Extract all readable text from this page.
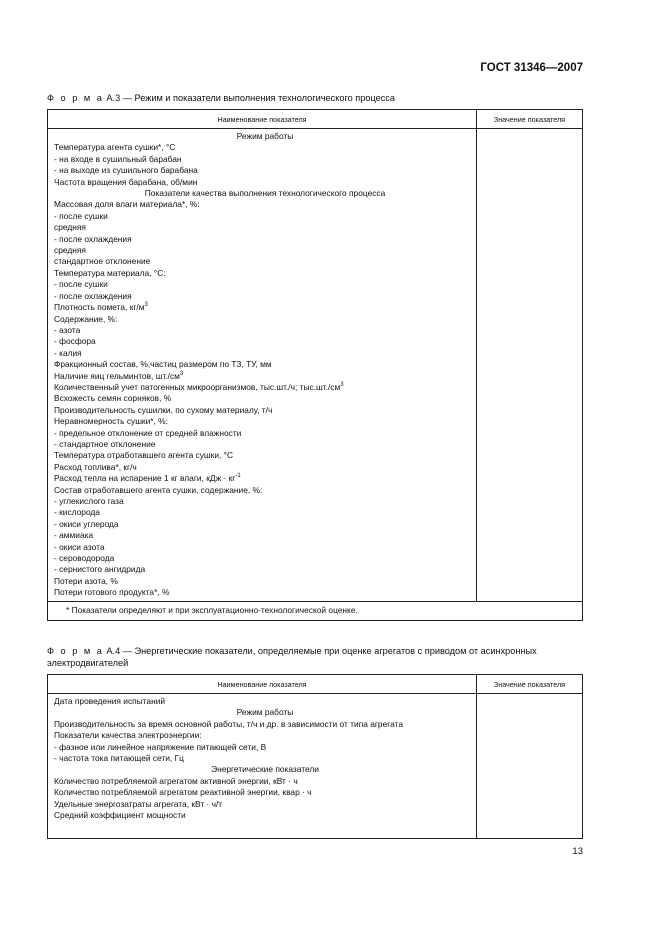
ГОСТ 31346—2007
Ф о р м а А.3 — Режим и показатели выполнения технологического процесса
Наименование показателя	Значение показателя
Режим работы
Температура агента сушки*, °С
- на входе в сушильный барабан
- на выходе из сушильного барабана
Частота вращения барабана, об/мин
Показатели качества выполнения технологического процесса
Массовая доля влаги материала*, %:
- после сушки
средняя
- после охлаждения
средняя
стандартное отклонение
Температура материала, °С:
- после сушки
- после охлаждения
Плотность помета, $кг/м^3$
Содержание, %:
- азота
- фосфора
- калия
Фракционный состав, %,частиц размером по ТЗ, ТУ, мм
Наличие яиц гельминтов, $шт./см^3$
Количественный учет патогенных микроорганизмов, тыс.шт./ч; $тыс.шт./см^3$
Всхожесть семян сорняков, %
Производительность сушилки, по сухому материалу, т/ч
Неравномерность сушки*, %:
- предельное отклонение от средней влажности
- стандартное отклонение
Температура отработавшего агента сушки, °С
Расход топлива*, кг/ч
Расход тепла на испарение 1 кг влаги, кДж · $кг^{-1}$
Состав отработавшего агента сушки, содержание, %:
- углекислого газа
- кислорода
- окиси углерода
- аммиака
- окиси азота
- сероводорода
- сернистого ангидрида
Потери азота, %
Потери готового продукта*, %
* Показатели определяют и при эксплуатационно-технологической оценке.
Ф о р м а А.4 — Энергетические показатели, определяемые при оценке агрегатов с приводом от асинхронных электродвигателей
Наименование показателя	Значение показателя
Дата проведения испытаний
Режим работы
Производительность за время основной работы, т/ч и др. в зависимости от типа агрегата
Показатели качества электроэнергии:
- фазное или линейное напряжение питающей сети, В
- частота тока питающей сети, Гц
Энергетические показатели
Количество потребляемой агрегатом активной энергии, кВт · ч
Количество потребляемой агрегатом реактивной энергии, квар · ч
Удельные энергозатраты агрегата, кВт · ч/т
Средний коэффициент мощности
13
